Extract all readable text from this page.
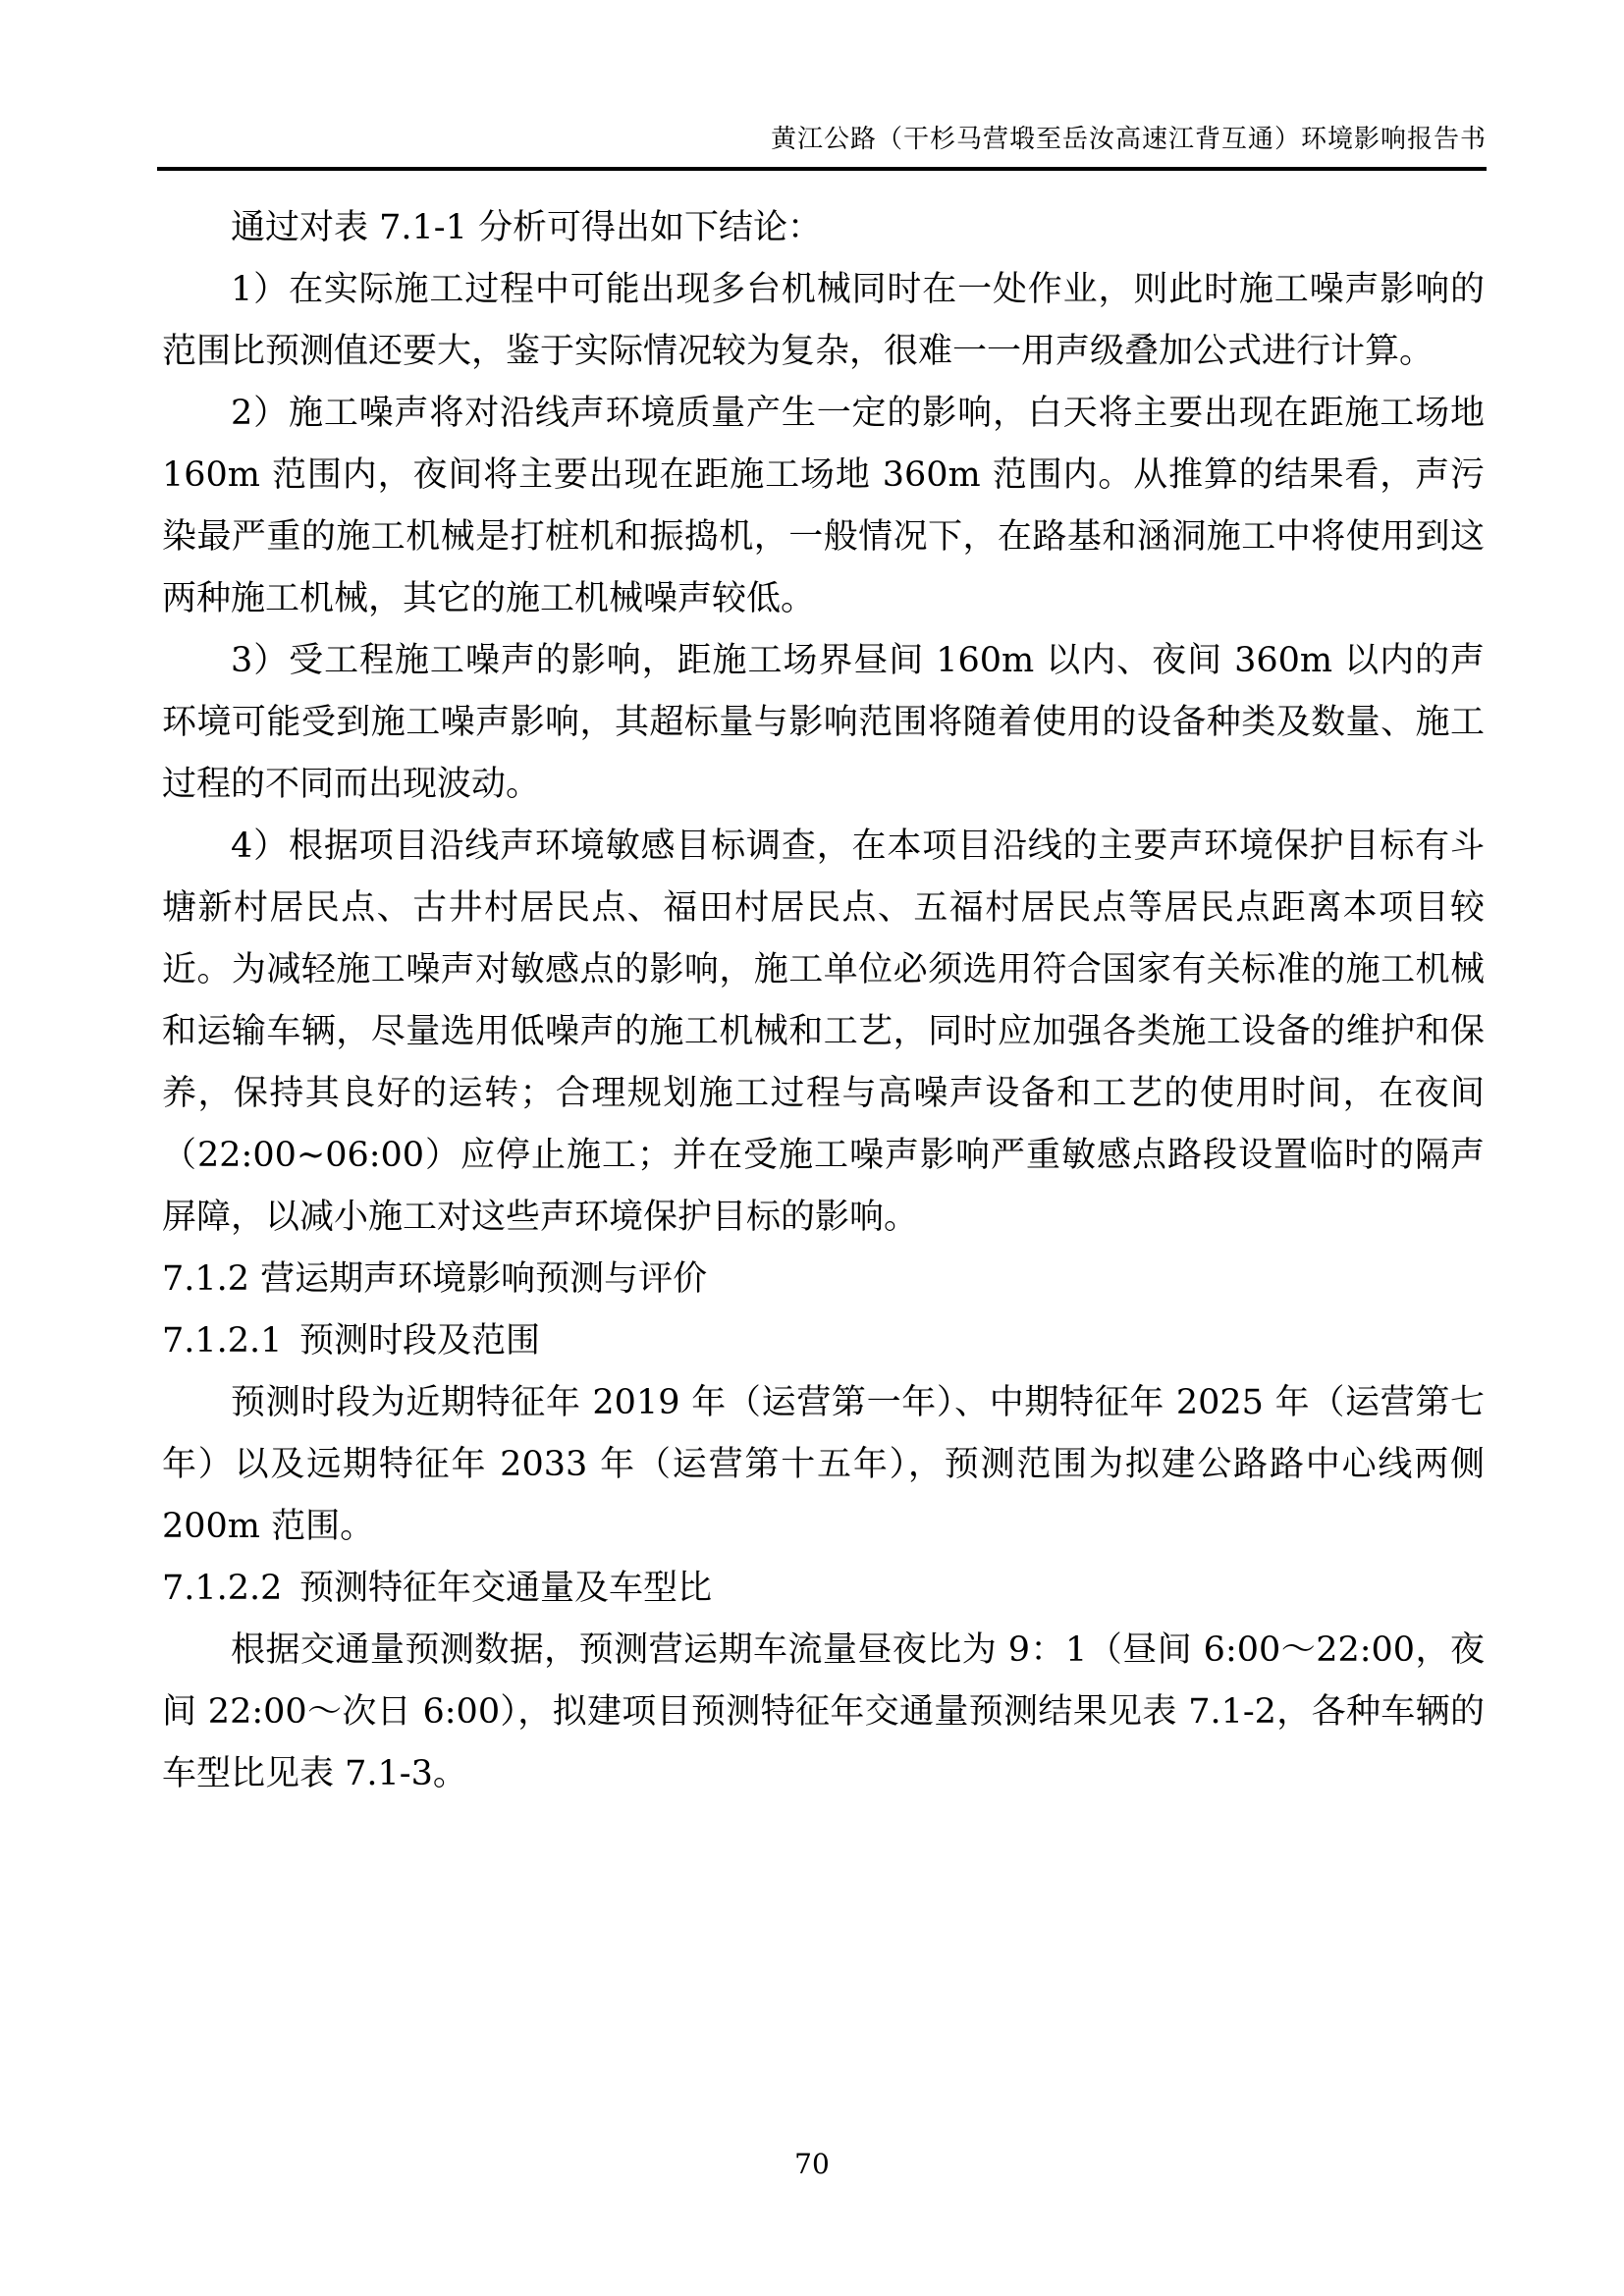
黄江公路（干杉马营塅至岳汝高速江背互通）环境影响报告书

通过对表 7.1-1 分析可得出如下结论：

1）在实际施工过程中可能出现多台机械同时在一处作业，则此时施工噪声影响的范围比预测值还要大，鉴于实际情况较为复杂，很难一一用声级叠加公式进行计算。

2）施工噪声将对沿线声环境质量产生一定的影响，白天将主要出现在距施工场地 160m 范围内，夜间将主要出现在距施工场地 360m 范围内。从推算的结果看，声污染最严重的施工机械是打桩机和振捣机，一般情况下，在路基和涵洞施工中将使用到这两种施工机械，其它的施工机械噪声较低。

3）受工程施工噪声的影响，距施工场界昼间 160m 以内、夜间 360m 以内的声环境可能受到施工噪声影响，其超标量与影响范围将随着使用的设备种类及数量、施工过程的不同而出现波动。

4）根据项目沿线声环境敏感目标调查，在本项目沿线的主要声环境保护目标有斗塘新村居民点、古井村居民点、福田村居民点、五福村居民点等居民点距离本项目较近。为减轻施工噪声对敏感点的影响，施工单位必须选用符合国家有关标准的施工机械和运输车辆，尽量选用低噪声的施工机械和工艺，同时应加强各类施工设备的维护和保养，保持其良好的运转；合理规划施工过程与高噪声设备和工艺的使用时间，在夜间（22:00~06:00）应停止施工；并在受施工噪声影响严重敏感点路段设置临时的隔声屏障，以减小施工对这些声环境保护目标的影响。

7.1.2 营运期声环境影响预测与评价

7.1.2.1 预测时段及范围

预测时段为近期特征年 2019 年（运营第一年）、中期特征年 2025 年（运营第七年）以及远期特征年 2033 年（运营第十五年），预测范围为拟建公路路中心线两侧 200m 范围。

7.1.2.2 预测特征年交通量及车型比

根据交通量预测数据，预测营运期车流量昼夜比为 9：1（昼间 6:00～22:00，夜间 22:00～次日 6:00），拟建项目预测特征年交通量预测结果见表 7.1-2，各种车辆的车型比见表 7.1-3。

70
